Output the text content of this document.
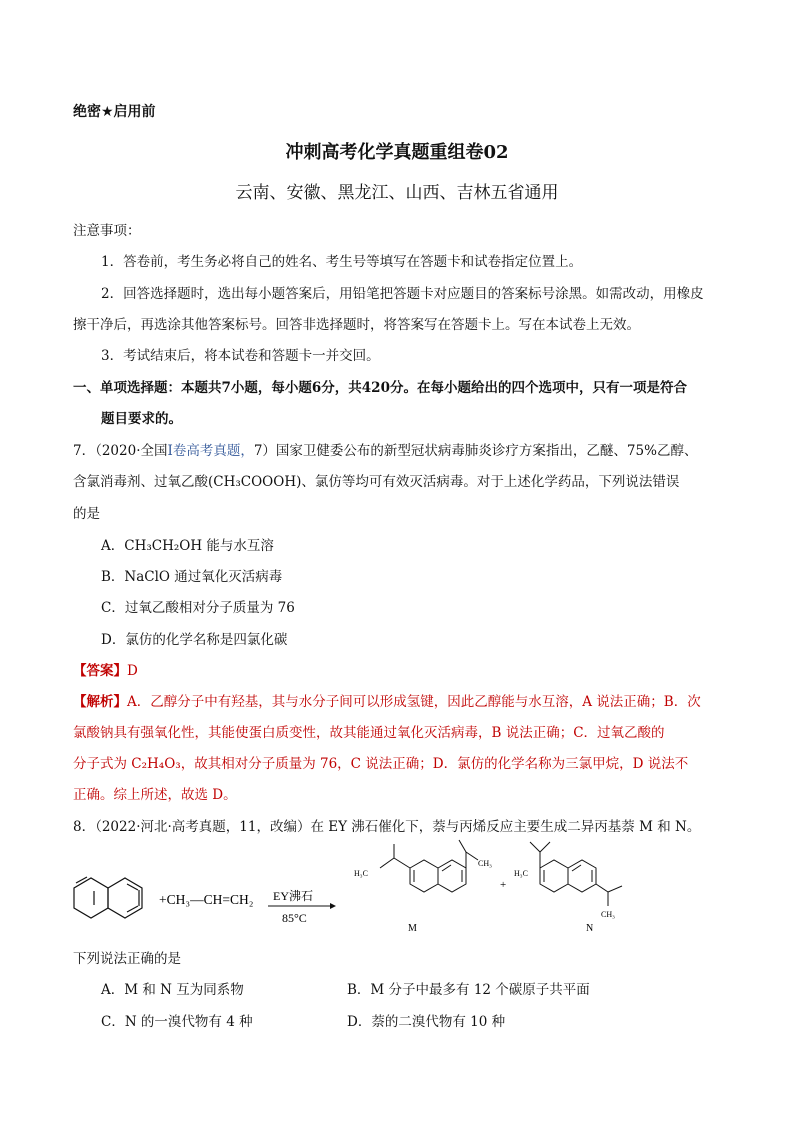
绝密★启用前
冲刺高考化学真题重组卷02
云南、安徽、黑龙江、山西、吉林五省通用
注意事项：
1．答卷前，考生务必将自己的姓名、考生号等填写在答题卡和试卷指定位置上。
2．回答选择题时，选出每小题答案后，用铅笔把答题卡对应题目的答案标号涂黑。如需改动，用橡皮
擦干净后，再选涂其他答案标号。回答非选择题时，将答案写在答题卡上。写在本试卷上无效。
3．考试结束后，将本试卷和答题卡一并交回。
一、单项选择题：本题共7小题，每小题6分，共420分。在每小题给出的四个选项中，只有一项是符合
题目要求的。
7．（2020·全国Ⅰ卷高考真题，7）国家卫健委公布的新型冠状病毒肺炎诊疗方案指出，乙醚、75%乙醇、
含氯消毒剂、过氧乙酸(CH₃COOOH)、氯仿等均可有效灭活病毒。对于上述化学药品，下列说法错误
的是
A．CH₃CH₂OH 能与水互溶
B．NaClO 通过氧化灭活病毒
C．过氧乙酸相对分子质量为 76
D．氯仿的化学名称是四氯化碳
【答案】D
【解析】A．乙醇分子中有羟基，其与水分子间可以形成氢键，因此乙醇能与水互溶，A 说法正确；B．次
氯酸钠具有强氧化性，其能使蛋白质变性，故其能通过氧化灭活病毒，B 说法正确；C．过氧乙酸的
分子式为 C₂H₄O₃，故其相对分子质量为 76，C 说法正确；D．氯仿的化学名称为三氯甲烷，D 说法不
正确。综上所述，故选 D。
8．（2022·河北·高考真题，11，改编）在 EY 沸石催化下，萘与丙烯反应主要生成二异丙基萘 M 和 N。
+CH₃—CH=CH₂ EY沸石
85°C
H₃C
CH₃
M
+
H₃C
CH₃
N
下列说法正确的是
A．M 和 N 互为同系物	B．M 分子中最多有 12 个碳原子共平面
C．N 的一溴代物有 4 种	D．萘的二溴代物有 10 种
